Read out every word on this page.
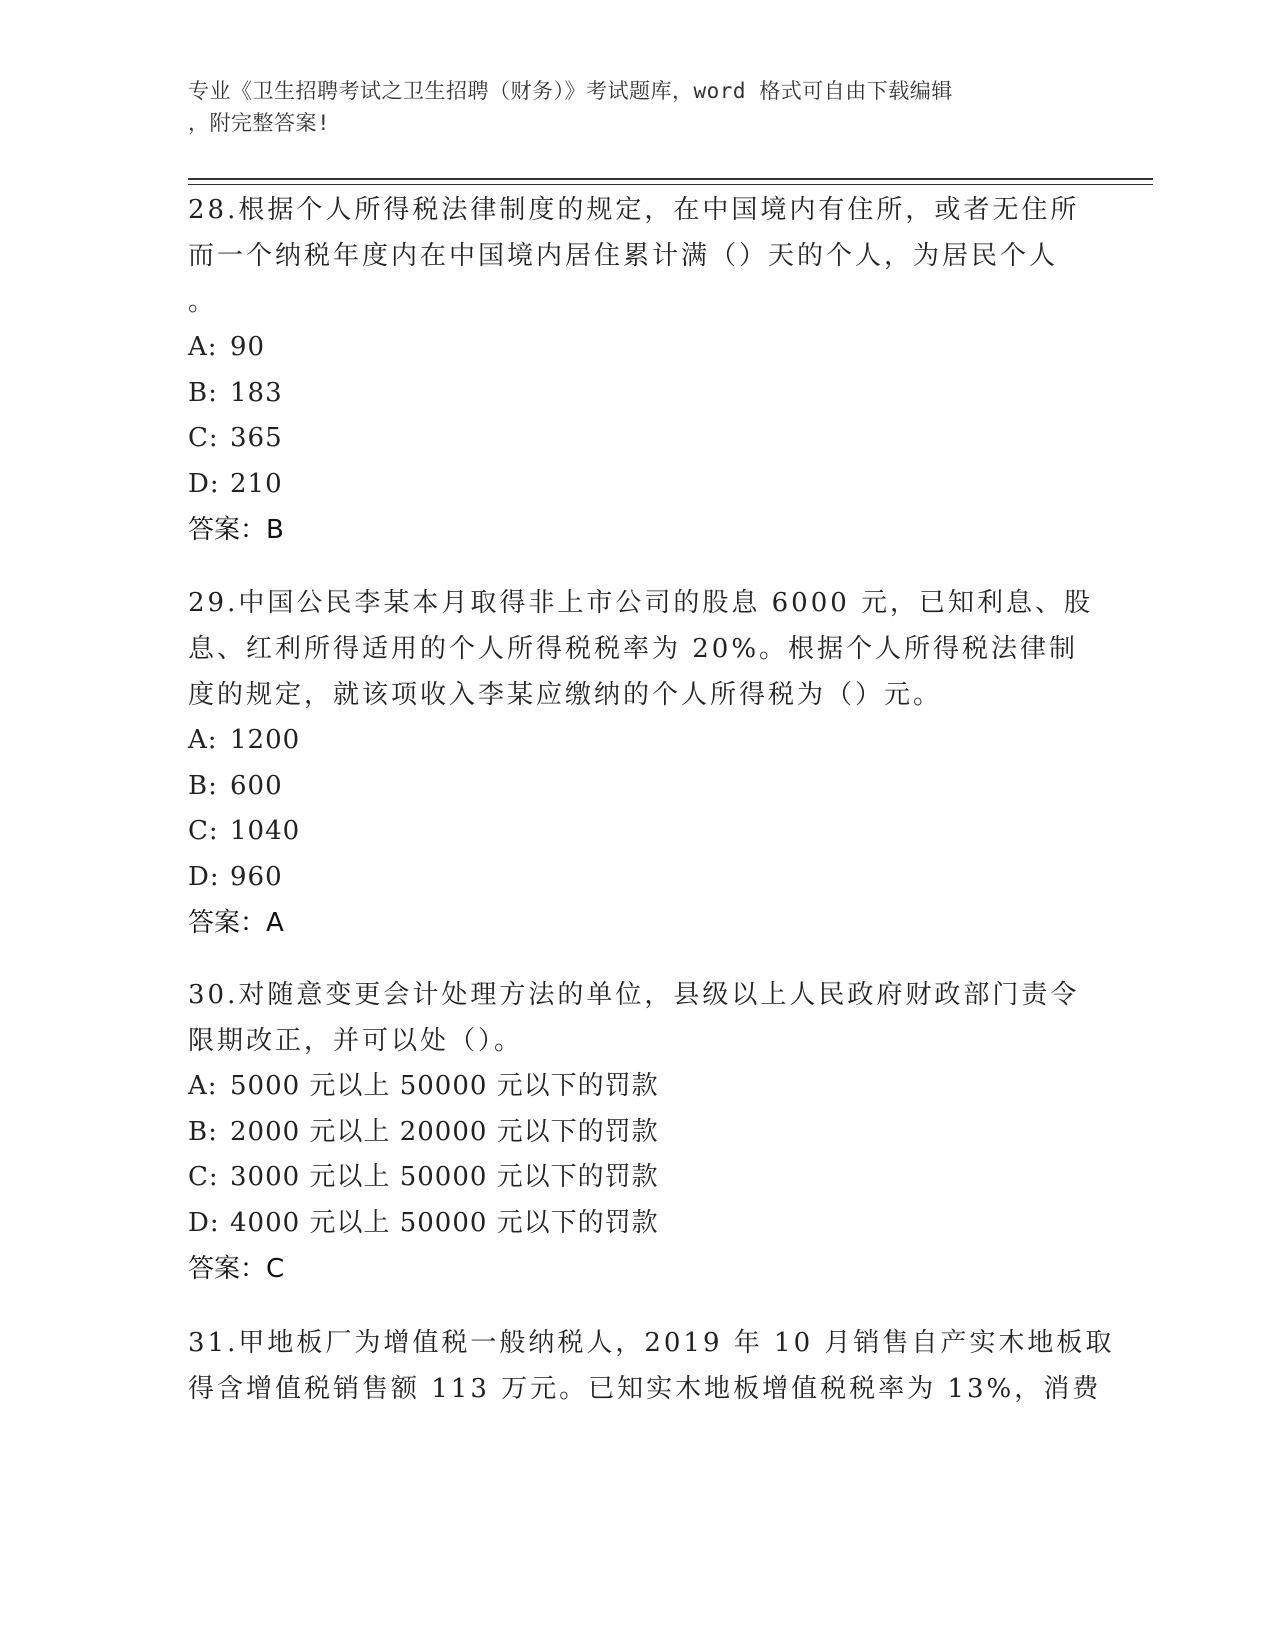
专业《卫生招聘考试之卫生招聘（财务）》考试题库，word 格式可自由下载编辑
，附完整答案!
28.根据个人所得税法律制度的规定，在中国境内有住所，或者无住所
而一个纳税年度内在中国境内居住累计满（）天的个人，为居民个人
。
A: 90
B: 183
C: 365
D: 210
答案：B
29.中国公民李某本月取得非上市公司的股息 6000 元，已知利息、股
息、红利所得适用的个人所得税税率为 20%。根据个人所得税法律制
度的规定，就该项收入李某应缴纳的个人所得税为（）元。
A: 1200
B: 600
C: 1040
D: 960
答案：A
30.对随意变更会计处理方法的单位，县级以上人民政府财政部门责令
限期改正，并可以处（）。
A: 5000 元以上 50000 元以下的罚款
B: 2000 元以上 20000 元以下的罚款
C: 3000 元以上 50000 元以下的罚款
D: 4000 元以上 50000 元以下的罚款
答案：C
31.甲地板厂为增值税一般纳税人，2019 年 10 月销售自产实木地板取
得含增值税销售额 113 万元。已知实木地板增值税税率为 13%，消费
